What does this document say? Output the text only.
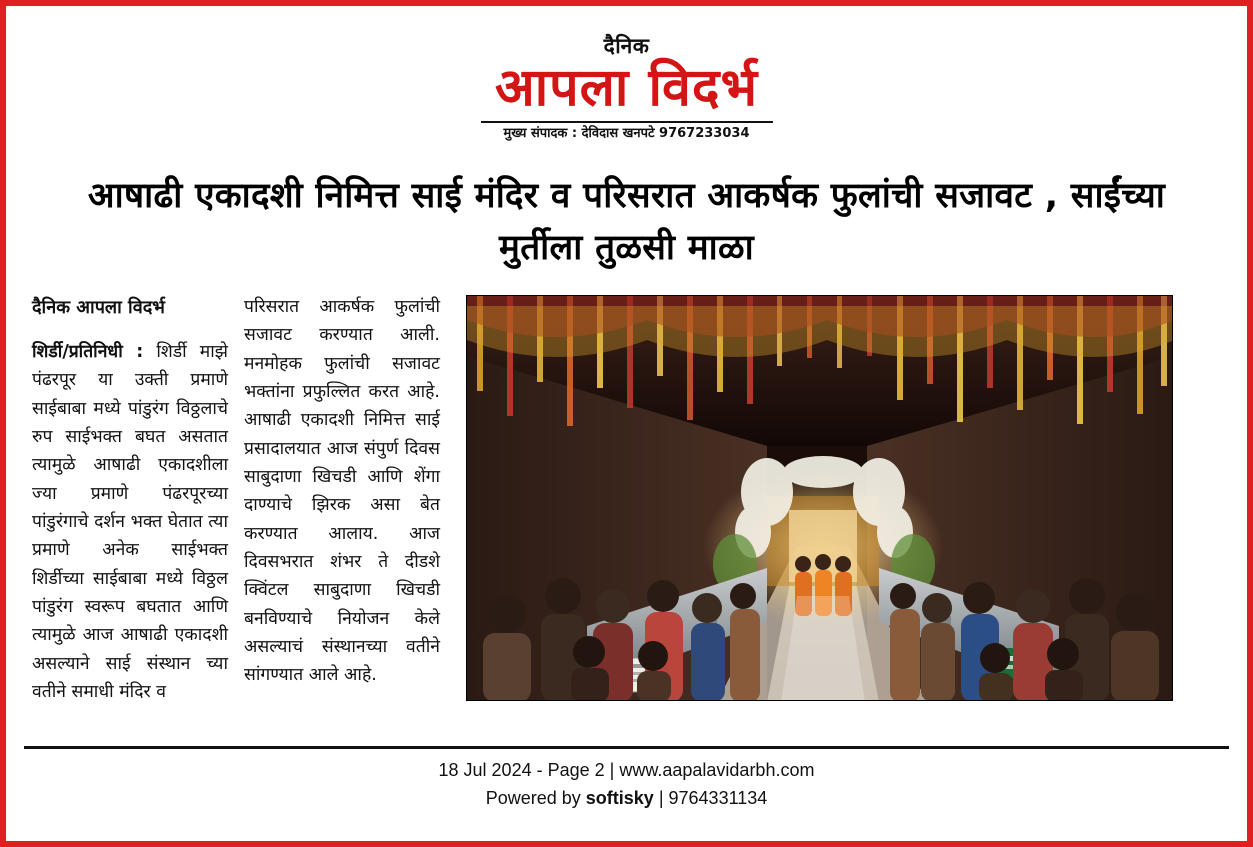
दैनिक
आपला विदर्भ
मुख्य संपादक : देविदास खनपटे 9767233034
आषाढी एकादशी निमित्त साई मंदिर व परिसरात आकर्षक फुलांची सजावट , साईंच्या मुर्तीला तुळसी माळा
दैनिक आपला विदर्भ

शिर्डी/प्रतिनिधी : शिर्डी माझे पंढरपूर या उक्ती प्रमाणे साईबाबा मध्ये पांडुरंग विठ्ठलाचे रुप साईभक्त बघत असतात त्यामुळे आषाढी एकादशीला ज्या प्रमाणे पंढरपूरच्या पांडुरंगाचे दर्शन भक्त घेतात त्या प्रमाणे अनेक साईभक्त शिर्डीच्या साईबाबा मध्ये विठ्ठल पांडुरंग स्वरूप बघतात आणि त्यामुळे आज आषाढी एकादशी असल्याने साई संस्थान च्या वतीने समाधी मंदिर व

परिसरात आकर्षक फुलांची सजावट करण्यात आली. मनमोहक फुलांची सजावट भक्तांना प्रफुल्लित करत आहे. आषाढी एकादशी निमित्त साई प्रसादालयात आज संपुर्ण दिवस साबुदाणा खिचडी आणि शेंगा दाण्याचे झिरक असा बेत करण्यात आलाय. आज दिवसभरात शंभर ते दीडशे क्विंटल साबुदाणा खिचडी बनविण्याचे नियोजन केले असल्याचं संस्थानच्या वतीने सांगण्यात आले आहे.

18 Jul 2024 - Page 2 | www.aapalavidarbh.com
Powered by softisky | 9764331134
